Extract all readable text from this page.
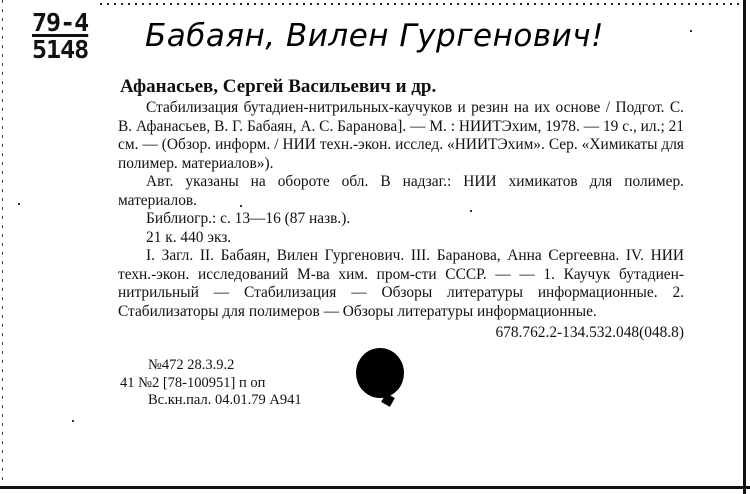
79-4
5148 Бабаян, Вилен Гургенович!
Афанасьев, Сергей Васильевич и др.

Стабилизация бутадиен-нитрильных-каучуков и резин на их основе / Подгот. С. В. Афанасьев, В. Г. Бабаян, А. С. Баранова]. — М. : НИИТЭхим, 1978. — 19 с., ил.; 21 см. — (Обзор. информ. / НИИ техн.-экон. исслед. «НИИТЭхим». Сер. «Химикаты для полимер. материалов»).

Авт. указаны на обороте обл. В надзаг.: НИИ химикатов для полимер. материалов.

Библиогр.: с. 13—16 (87 назв.).

21 к. 440 экз.

I. Загл. II. Бабаян, Вилен Гургенович. III. Баранова, Анна Сергеевна. IV. НИИ техн.-экон. исследований М-ва хим. пром-сти СССР. — — 1. Каучук бутадиен-нитрильный — Стабилизация — Обзоры литературы информационные. 2. Стабилизаторы для полимеров — Обзоры литературы информационные.

678.762.2-134.532.048(048.8)

№472 28.3.9.2
41 №2 [78-100951] п оп
Вс.кн.пал. 04.01.79 А941
